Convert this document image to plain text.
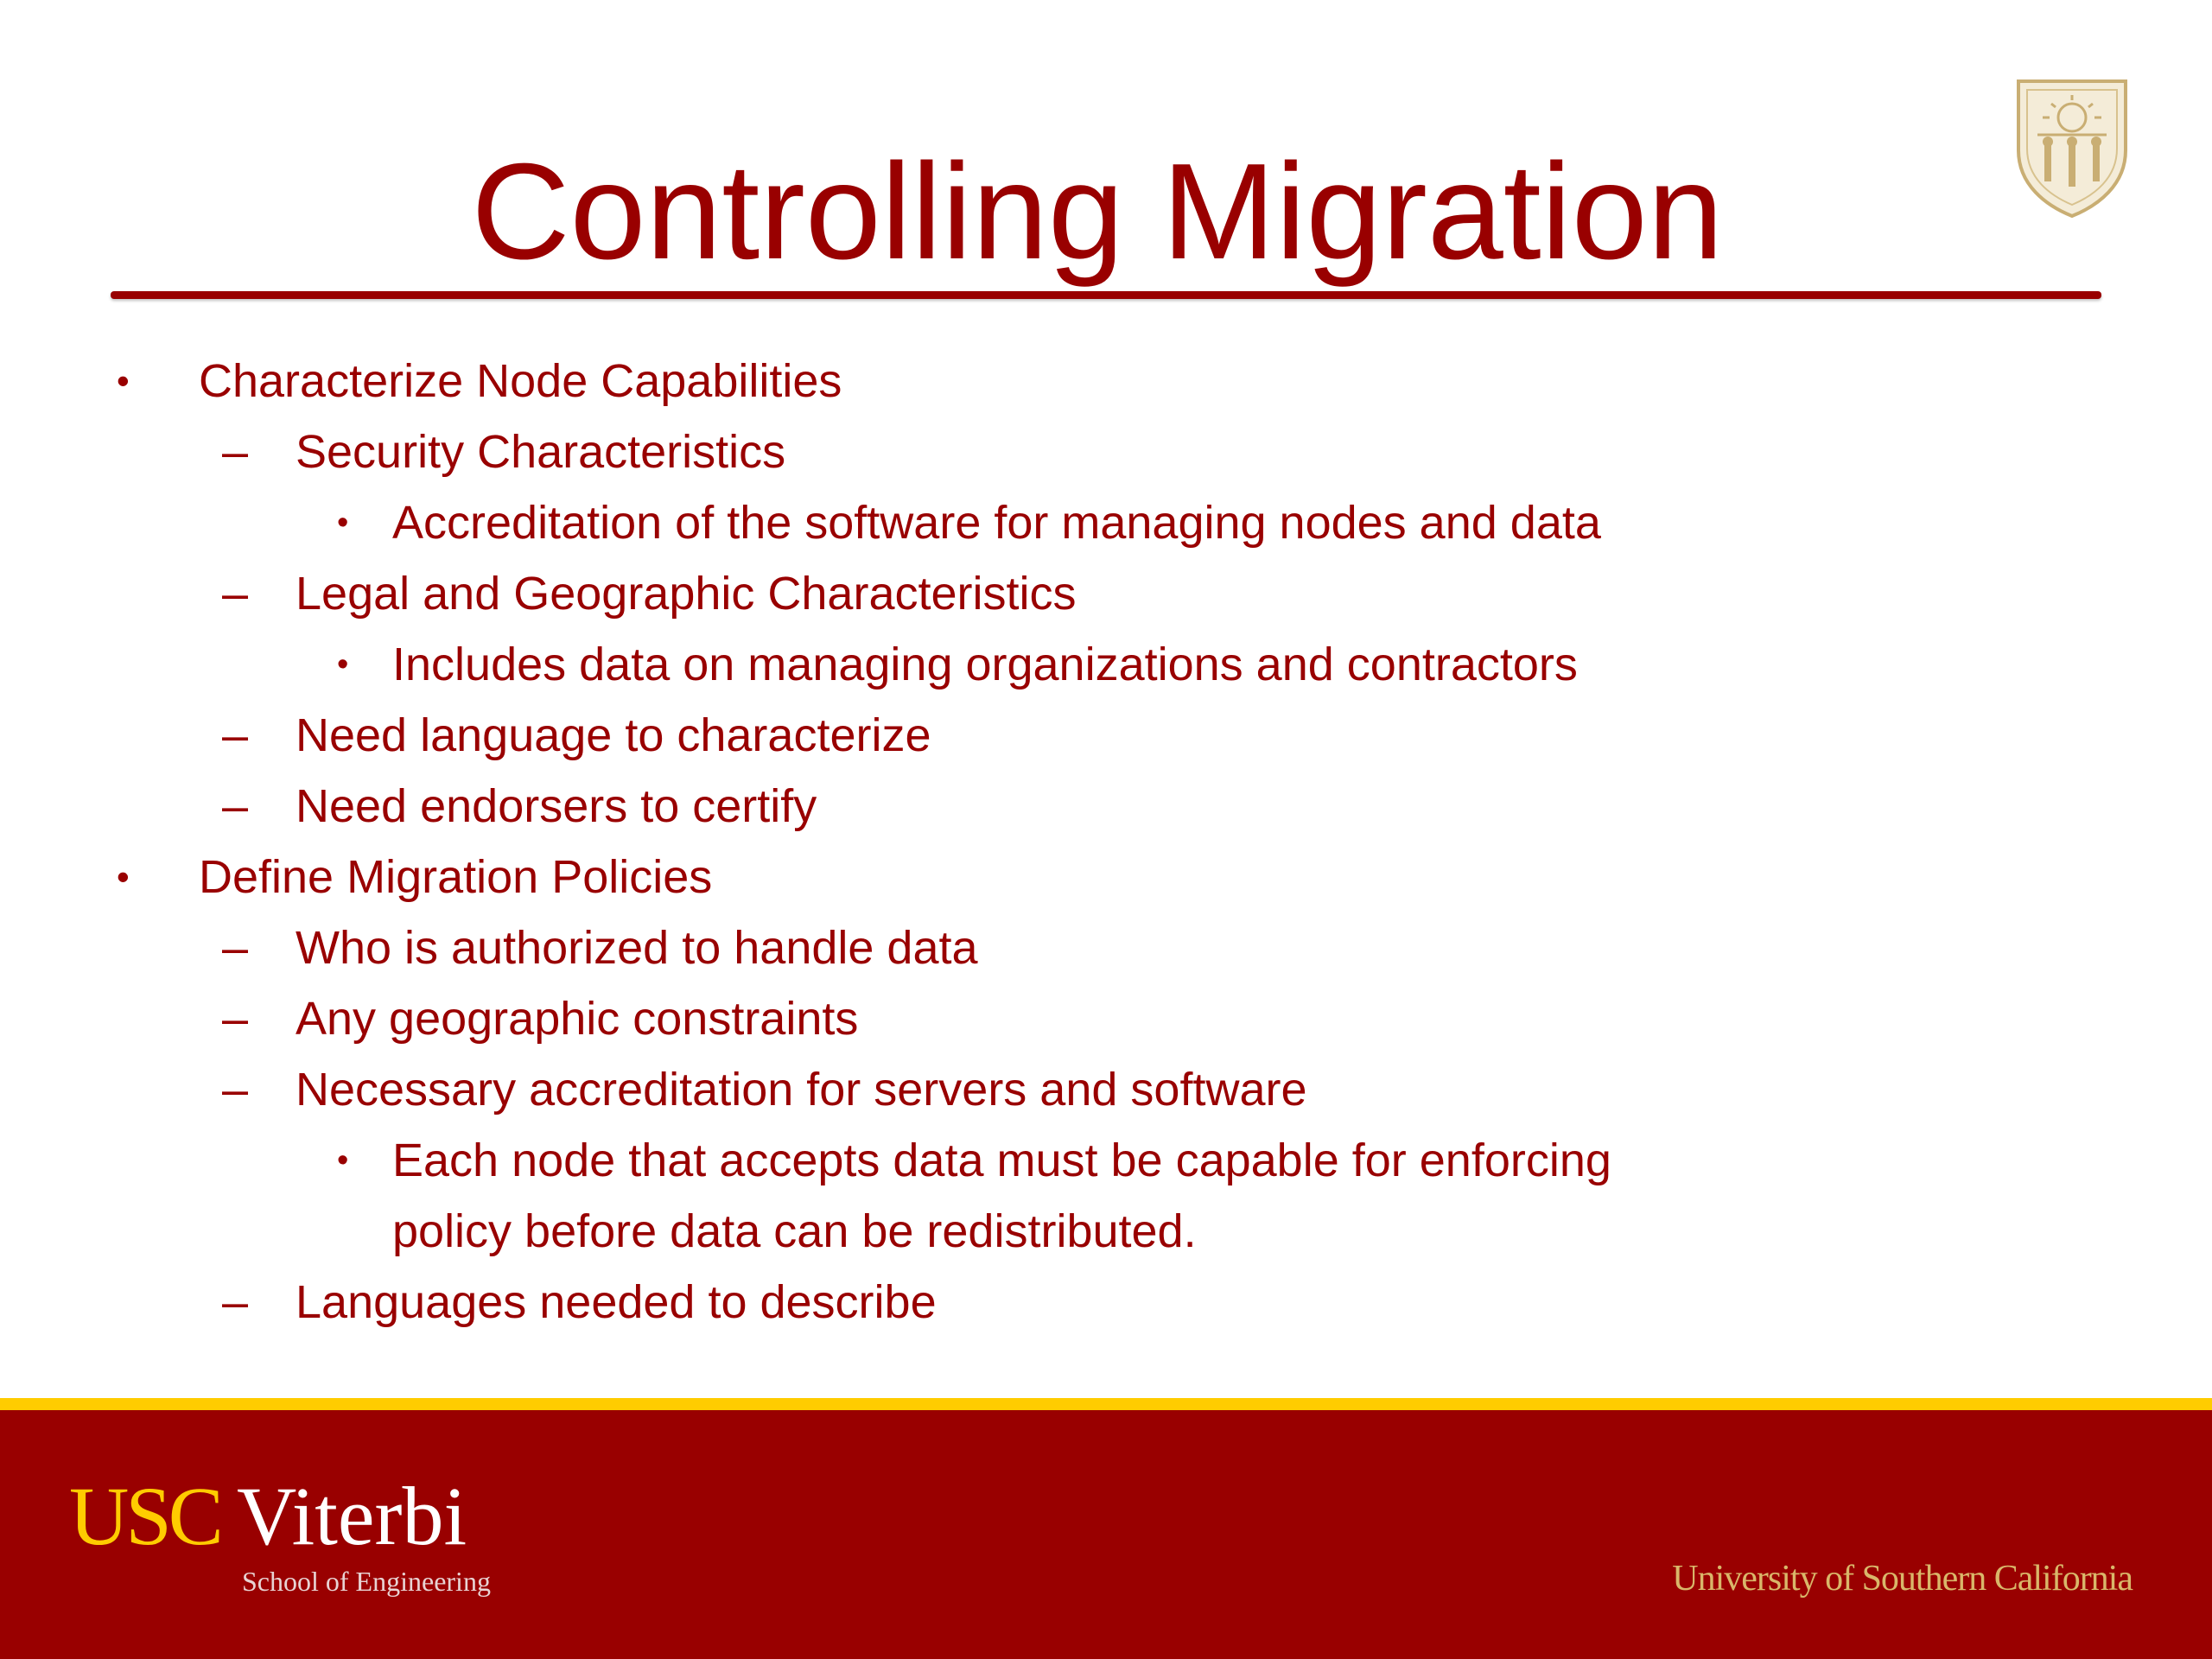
Controlling Migration
• Characterize Node Capabilities
– Security Characteristics
• Accreditation of the software for managing nodes and data
– Legal and Geographic Characteristics
• Includes data on managing organizations and contractors
– Need language to characterize
– Need endorsers to certify
• Define Migration Policies
– Who is authorized to handle data
– Any geographic constraints
– Necessary accreditation for servers and software
• Each node that accepts data must be capable for enforcing
policy before data can be redistributed.
– Languages needed to describe
USC Viterbi
School of Engineering	University of Southern California
